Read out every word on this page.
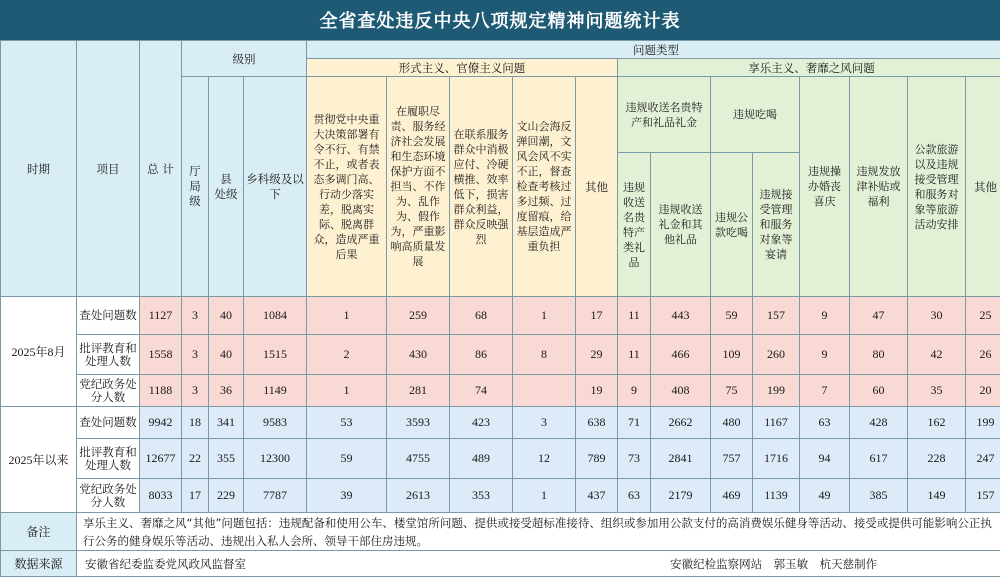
全省查处违反中央八项规定精神问题统计表
时期	项目	总 计	级别			问题类型												
						形式主义、官僚主义问题					享乐主义、奢靡之风问题							
			厅局级	县 处级	乡科级及以下	贯彻党中央重大决策部署有令不行、有禁不止，或者表态多调门高、行动少落实差，脱离实际、脱离群众，造成严重后果	在履职尽责、服务经济社会发展和生态环境保护方面不担当、不作为、乱作为、假作为，严重影响高质量发展	在联系服务群众中消极应付、冷硬横推、效率低下，损害群众利益，群众反映强烈	文山会海反弹回潮，文风会风不实不正，督查检查考核过多过频、过度留痕，给基层造成严重负担	其他	违规收送名贵特产和礼品礼金		违规吃喝		违规操办婚丧喜庆	违规发放津补贴或福利	公款旅游以及违规接受管理和服务对象等旅游活动安排	其他
											违规收送名贵特产类礼品	违规收送礼金和其他礼品	违规公款吃喝	违规接受管理和服务对象等宴请				
2025年8月	查处问题数	1127	3	40	1084	1	259	68	1	17	11	443	59	157	9	47	30	25
	批评教育和处理人数	1558	3	40	1515	2	430	86	8	29	11	466	109	260	9	80	42	26
	党纪政务处分人数	1188	3	36	1149	1	281	74		19	9	408	75	199	7	60	35	20
2025年以来	查处问题数	9942	18	341	9583	53	3593	423	3	638	71	2662	480	1167	63	428	162	199
	批评教育和处理人数	12677	22	355	12300	59	4755	489	12	789	73	2841	757	1716	94	617	228	247
	党纪政务处分人数	8033	17	229	7787	39	2613	353	1	437	63	2179	469	1139	49	385	149	157
备注	享乐主义、奢靡之风“其他”问题包括：违规配备和使用公车、楼堂馆所问题、提供或接受超标准接待、组织或参加用公款支付的高消费娱乐健身等活动、接受或提供可能影响公正执行公务的健身娱乐等活动、违规出入私人会所、领导干部住房违规。																	
数据来源	安徽省纪委监委党风政风监督室 安徽纪检监察网站　郭玉敏　杭天慈制作																	
